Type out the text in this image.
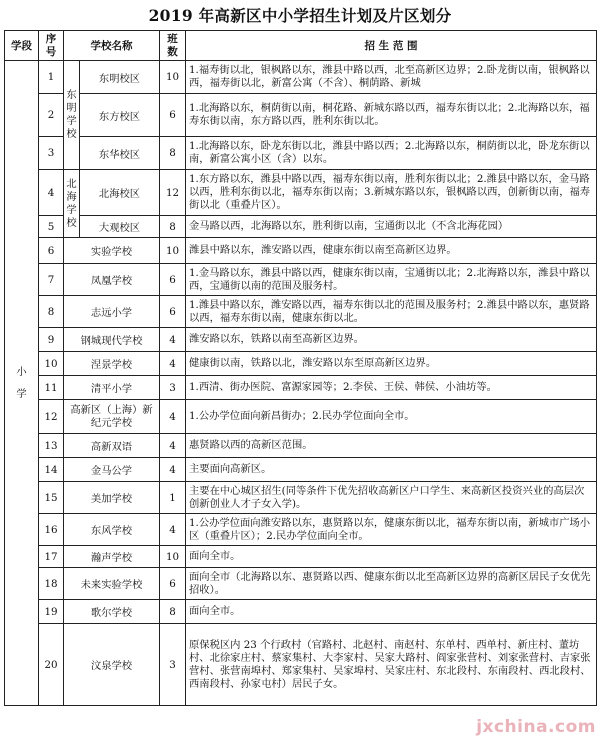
2019 年高新区中小学招生计划及片区划分
学段	序号	学校名称		班数	招 生 范 围
小学	1	东明学校	东明校区	10	1.福寿街以北，银枫路以东，潍县中路以西，北至高新区边界；2.卧龙街以南，银枫路以西，福寿街以北，新富公寓（不含）、桐荫路、新城
	2		东方校区	6	1.北海路以东，桐荫街以南，桐花路、新城东路以西，福寿东街以北；2.北海路以东，福寿东街以南，东方路以西，胜利东街以北。
	3		东华校区	8	1.北海路以东，卧龙东街以北，潍县中路以西；2.北海路以东，桐荫街以北，卧龙东街以南，新富公寓小区（含）以东。
	4	北海学校	北海校区	12	1.东方路以东，潍县中路以西，福寿东街以南，胜利东街以北；2.潍县中路以东，金马路以西，胜利东街以北，福寿东街以南；3.新城东路以东，银枫路以西，创新街以南，福寿街以北（重叠片区）。
	5		大观校区	8	金马路以西，北海路以东，胜利街以南，宝通街以北（不含北海花园）
	6	实验学校		10	潍县中路以东，潍安路以西，健康东街以南至高新区边界。
	7	凤凰学校		6	1.金马路以东，潍县中路以西，健康东街以南，宝通街以北；2.北海路以东，潍县中路以西，宝通街以南的范围及服务村。
	8	志远小学		6	1.潍县中路以东，潍安路以西，福寿东街以北的范围及服务村；2.潍县中路以东，惠贤路以西，福寿东街以南，健康东街以北。
	9	钢城现代学校		4	潍安路以东，铁路以南至高新区边界。
	10	涅景学校		4	健康街以南，铁路以北，潍安路以东至原高新区边界。
	11	清平小学		3	1.西清、街办医院、富源家园等；2.李侯、王侯、韩侯、小油坊等。
	12	高新区（上海）新纪元学校		4	1.公办学位面向新昌街办；2.民办学位面向全市。
	13	高新双语		4	惠贤路以西的高新区范围。
	14	金马公学		4	主要面向高新区。
	15	美加学校		1	主要在中心城区招生(同等条件下优先招收高新区户口学生、来高新区投资兴业的高层次创新创业人才子女入学)。
	16	东风学校		4	1.公办学位面向潍安路以东，惠贤路以东，健康东街以北，福寿东街以南，新城市广场小区（重叠片区）；2.民办学位面向全市。
	17	瀚声学校		10	面向全市。
	18	未来实验学校		6	面向全市（北海路以东、惠贤路以西、健康东街以北至高新区边界的高新区居民子女优先招收）。
	19	歌尔学校		8	面向全市。
	20	汶泉学校		3	原保税区内 23 个行政村（官路村、北赵村、南赵村、东单村、西单村、新庄村、董坊村、北徐家庄村、蔡家集村、大李家村、吴家大路村、阎家张营村、刘家张营村、吉家张营村、张营南埠村、郑家集村、吴家埠村、吴家庄村、东北段村、东南段村、西北段村、西南段村、孙家屯村）居民子女。
jxchina.com
